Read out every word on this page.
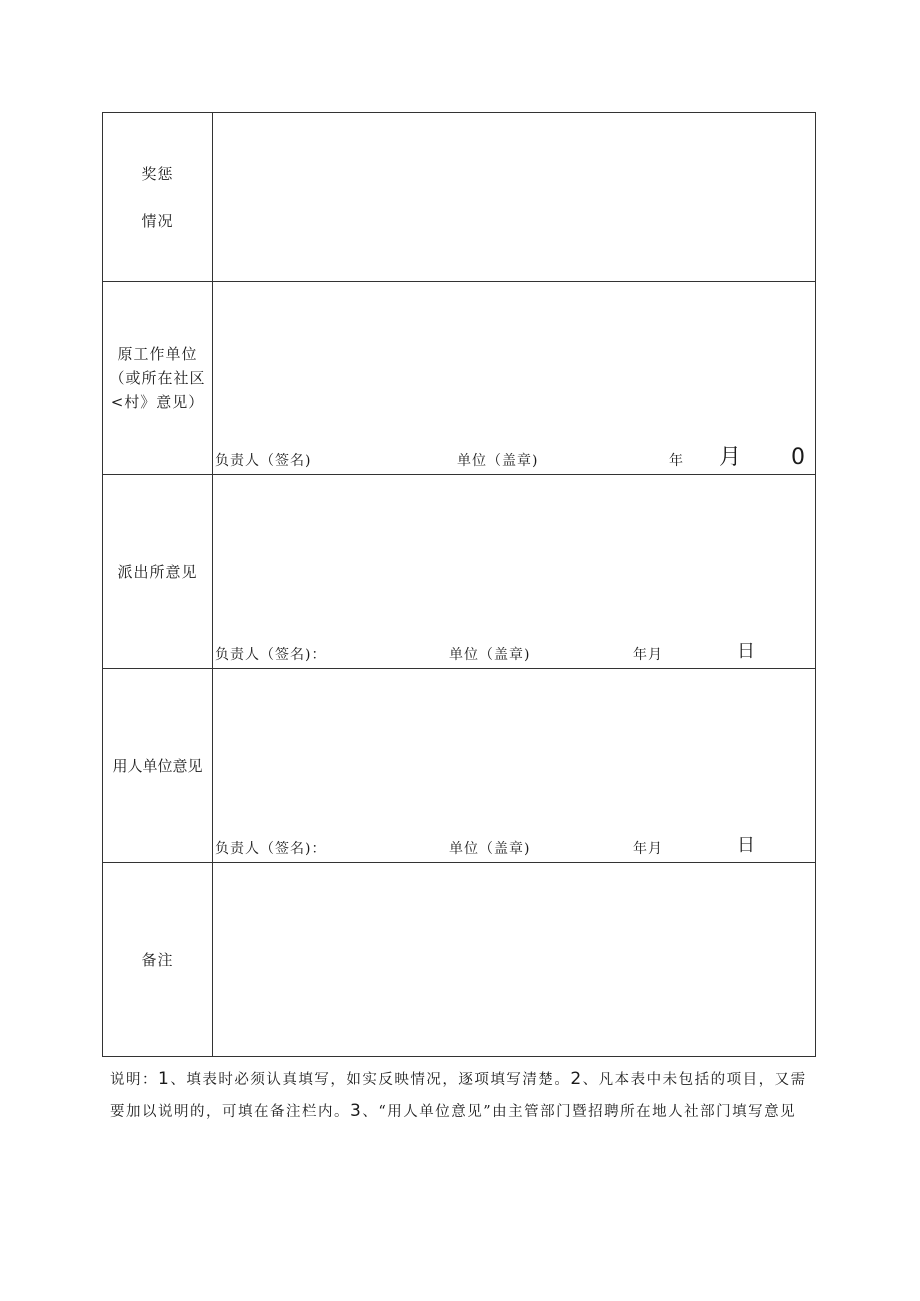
奖惩
情况	

原工作单位
（或所在社区
<村》意见）	负责人（签名) 单位（盖章) 年 月 0

派出所意见	负责人（签名)： 单位（盖章) 年月 日

用人单位意见	负责人（签名)： 单位（盖章) 年月 日

备注	
说明：1、填表时必须认真填写，如实反映情况，逐项填写清楚。2、凡本表中未包括的项目，又需要加以说明的，可填在备注栏内。3、“用人单位意见”由主管部门暨招聘所在地人社部门填写意见
